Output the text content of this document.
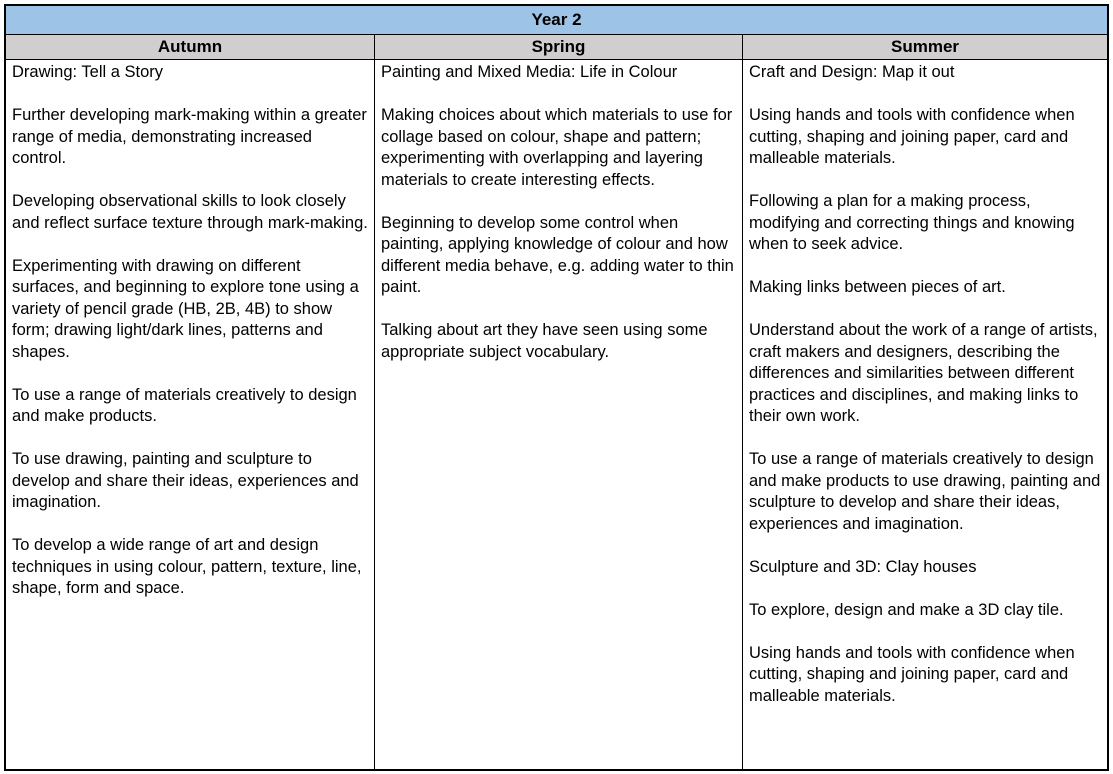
Year 2
Autumn	Spring	Summer

Drawing: Tell a Story

Further developing mark-making within a greater range of media, demonstrating increased control.

Developing observational skills to look closely and reflect surface texture through mark-making.

Experimenting with drawing on different surfaces, and beginning to explore tone using a variety of pencil grade (HB, 2B, 4B) to show form; drawing light/dark lines, patterns and shapes.

To use a range of materials creatively to design and make products.

To use drawing, painting and sculpture to develop and share their ideas, experiences and imagination.

To develop a wide range of art and design techniques in using colour, pattern, texture, line, shape, form and space.

Painting and Mixed Media: Life in Colour

Making choices about which materials to use for collage based on colour, shape and pattern; experimenting with overlapping and layering materials to create interesting effects.

Beginning to develop some control when painting, applying knowledge of colour and how different media behave, e.g. adding water to thin paint.

Talking about art they have seen using some appropriate subject vocabulary.

Craft and Design: Map it out

Using hands and tools with confidence when cutting, shaping and joining paper, card and malleable materials.

Following a plan for a making process, modifying and correcting things and knowing when to seek advice.

Making links between pieces of art.

Understand about the work of a range of artists, craft makers and designers, describing the differences and similarities between different practices and disciplines, and making links to their own work.

To use a range of materials creatively to design and make products to use drawing, painting and sculpture to develop and share their ideas, experiences and imagination.

Sculpture and 3D: Clay houses

To explore, design and make a 3D clay tile.

Using hands and tools with confidence when cutting, shaping and joining paper, card and malleable materials.
